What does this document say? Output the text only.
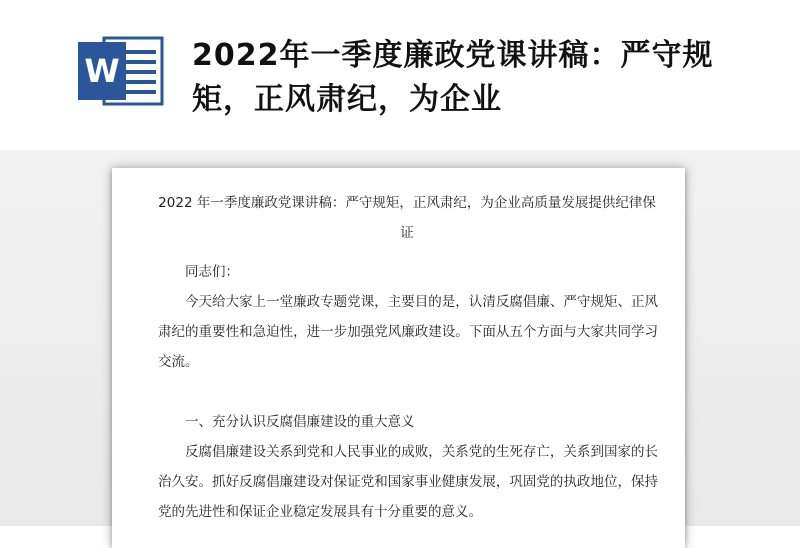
W 2022年一季度廉政党课讲稿：严守规矩，正风肃纪，为企业
2022 年一季度廉政党课讲稿：严守规矩，正风肃纪，为企业高质量发展提供纪律保证
同志们：
今天给大家上一堂廉政专题党课，主要目的是，认清反腐倡廉、严守规矩、正风肃纪的重要性和急迫性，进一步加强党风廉政建设。下面从五个方面与大家共同学习交流。
一、充分认识反腐倡廉建设的重大意义
反腐倡廉建设关系到党和人民事业的成败，关系党的生死存亡，关系到国家的长治久安。抓好反腐倡廉建设对保证党和国家事业健康发展，巩固党的执政地位，保持党的先进性和保证企业稳定发展具有十分重要的意义。
